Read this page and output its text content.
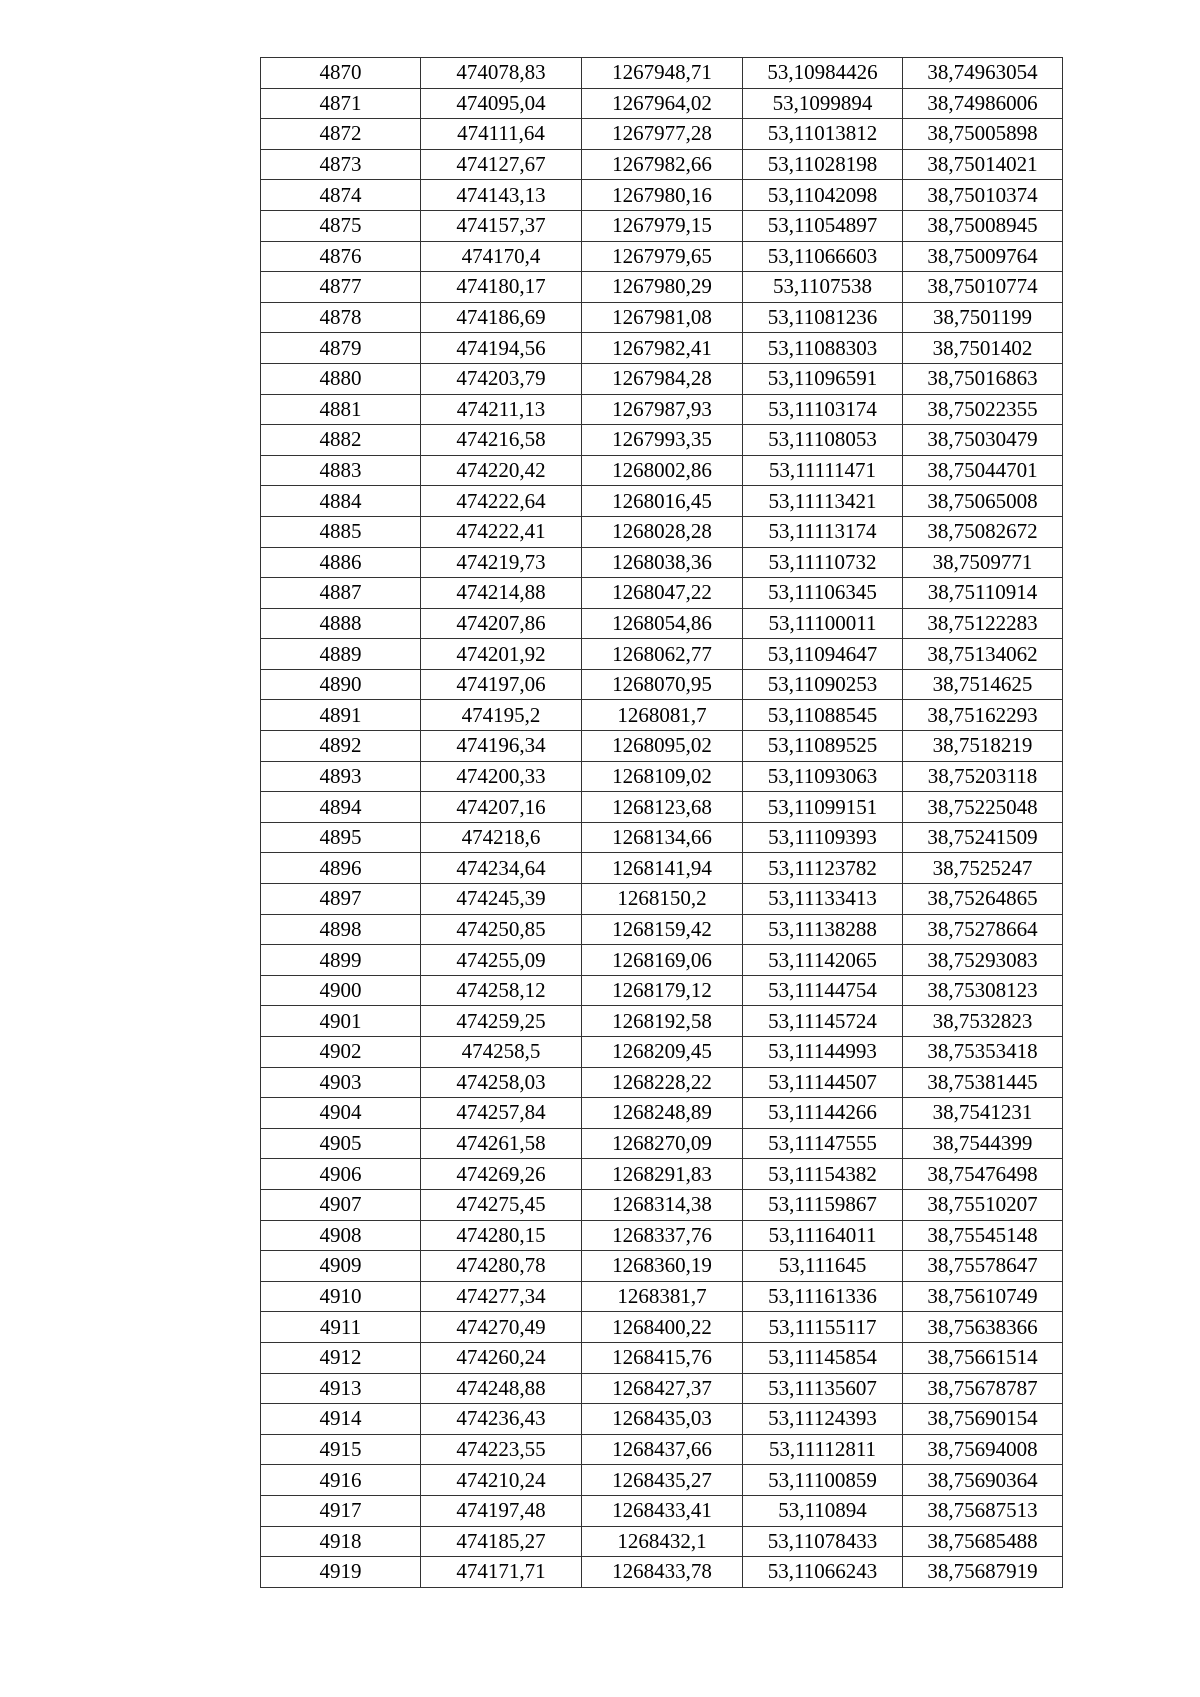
4870	474078,83	1267948,71	53,10984426	38,74963054
4871	474095,04	1267964,02	53,1099894	38,74986006
4872	474111,64	1267977,28	53,11013812	38,75005898
4873	474127,67	1267982,66	53,11028198	38,75014021
4874	474143,13	1267980,16	53,11042098	38,75010374
4875	474157,37	1267979,15	53,11054897	38,75008945
4876	474170,4	1267979,65	53,11066603	38,75009764
4877	474180,17	1267980,29	53,1107538	38,75010774
4878	474186,69	1267981,08	53,11081236	38,7501199
4879	474194,56	1267982,41	53,11088303	38,7501402
4880	474203,79	1267984,28	53,11096591	38,75016863
4881	474211,13	1267987,93	53,11103174	38,75022355
4882	474216,58	1267993,35	53,11108053	38,75030479
4883	474220,42	1268002,86	53,11111471	38,75044701
4884	474222,64	1268016,45	53,11113421	38,75065008
4885	474222,41	1268028,28	53,11113174	38,75082672
4886	474219,73	1268038,36	53,11110732	38,7509771
4887	474214,88	1268047,22	53,11106345	38,75110914
4888	474207,86	1268054,86	53,11100011	38,75122283
4889	474201,92	1268062,77	53,11094647	38,75134062
4890	474197,06	1268070,95	53,11090253	38,7514625
4891	474195,2	1268081,7	53,11088545	38,75162293
4892	474196,34	1268095,02	53,11089525	38,7518219
4893	474200,33	1268109,02	53,11093063	38,75203118
4894	474207,16	1268123,68	53,11099151	38,75225048
4895	474218,6	1268134,66	53,11109393	38,75241509
4896	474234,64	1268141,94	53,11123782	38,7525247
4897	474245,39	1268150,2	53,11133413	38,75264865
4898	474250,85	1268159,42	53,11138288	38,75278664
4899	474255,09	1268169,06	53,11142065	38,75293083
4900	474258,12	1268179,12	53,11144754	38,75308123
4901	474259,25	1268192,58	53,11145724	38,7532823
4902	474258,5	1268209,45	53,11144993	38,75353418
4903	474258,03	1268228,22	53,11144507	38,75381445
4904	474257,84	1268248,89	53,11144266	38,7541231
4905	474261,58	1268270,09	53,11147555	38,7544399
4906	474269,26	1268291,83	53,11154382	38,75476498
4907	474275,45	1268314,38	53,11159867	38,75510207
4908	474280,15	1268337,76	53,11164011	38,75545148
4909	474280,78	1268360,19	53,111645	38,75578647
4910	474277,34	1268381,7	53,11161336	38,75610749
4911	474270,49	1268400,22	53,11155117	38,75638366
4912	474260,24	1268415,76	53,11145854	38,75661514
4913	474248,88	1268427,37	53,11135607	38,75678787
4914	474236,43	1268435,03	53,11124393	38,75690154
4915	474223,55	1268437,66	53,11112811	38,75694008
4916	474210,24	1268435,27	53,11100859	38,75690364
4917	474197,48	1268433,41	53,110894	38,75687513
4918	474185,27	1268432,1	53,11078433	38,75685488
4919	474171,71	1268433,78	53,11066243	38,75687919
